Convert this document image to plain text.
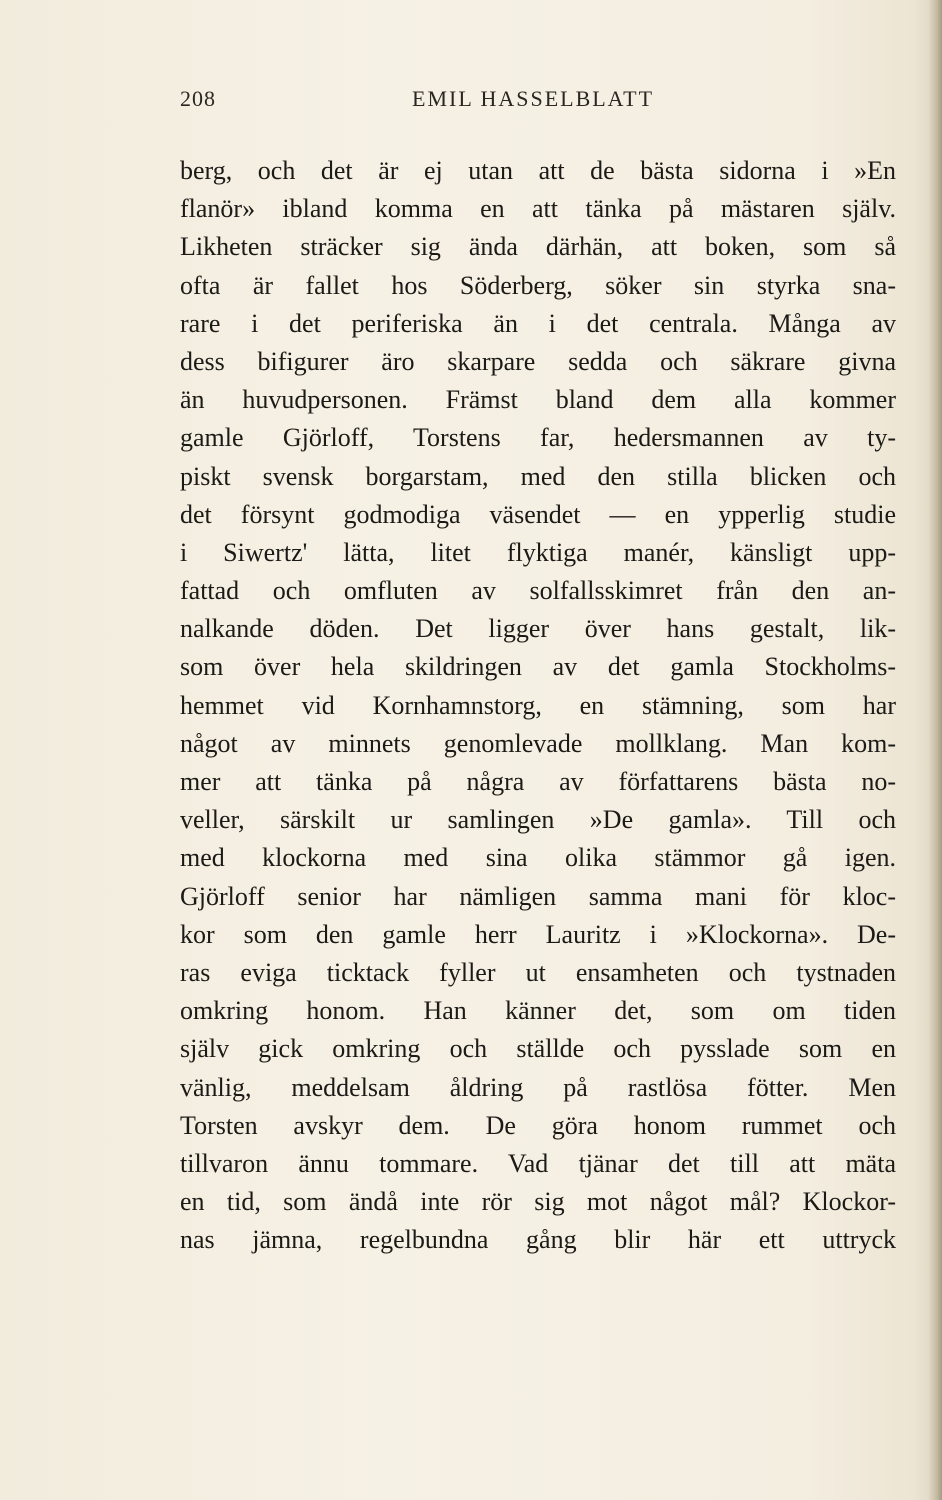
208	EMIL HASSELBLATT
berg, och det är ej utan att de bästa sidorna i »En
flanör» ibland komma en att tänka på mästaren själv.
Likheten sträcker sig ända därhän, att boken, som så
ofta är fallet hos Söderberg, söker sin styrka sna-
rare i det periferiska än i det centrala. Många av
dess bifigurer äro skarpare sedda och säkrare givna
än huvudpersonen. Främst bland dem alla kommer
gamle Gjörloff, Torstens far, hedersmannen av ty-
piskt svensk borgarstam, med den stilla blicken och
det försynt godmodiga väsendet — en ypperlig studie
i Siwertz' lätta, litet flyktiga manér, känsligt upp-
fattad och omfluten av solfallsskimret från den an-
nalkande döden. Det ligger över hans gestalt, lik-
som över hela skildringen av det gamla Stockholms-
hemmet vid Kornhamnstorg, en stämning, som har
något av minnets genomlevade mollklang. Man kom-
mer att tänka på några av författarens bästa no-
veller, särskilt ur samlingen »De gamla». Till och
med klockorna med sina olika stämmor gå igen.
Gjörloff senior har nämligen samma mani för kloc-
kor som den gamle herr Lauritz i »Klockorna». De-
ras eviga ticktack fyller ut ensamheten och tystnaden
omkring honom. Han känner det, som om tiden
själv gick omkring och ställde och pysslade som en
vänlig, meddelsam åldring på rastlösa fötter. Men
Torsten avskyr dem. De göra honom rummet och
tillvaron ännu tommare. Vad tjänar det till att mäta
en tid, som ändå inte rör sig mot något mål? Klockor-
nas jämna, regelbundna gång blir här ett uttryck
